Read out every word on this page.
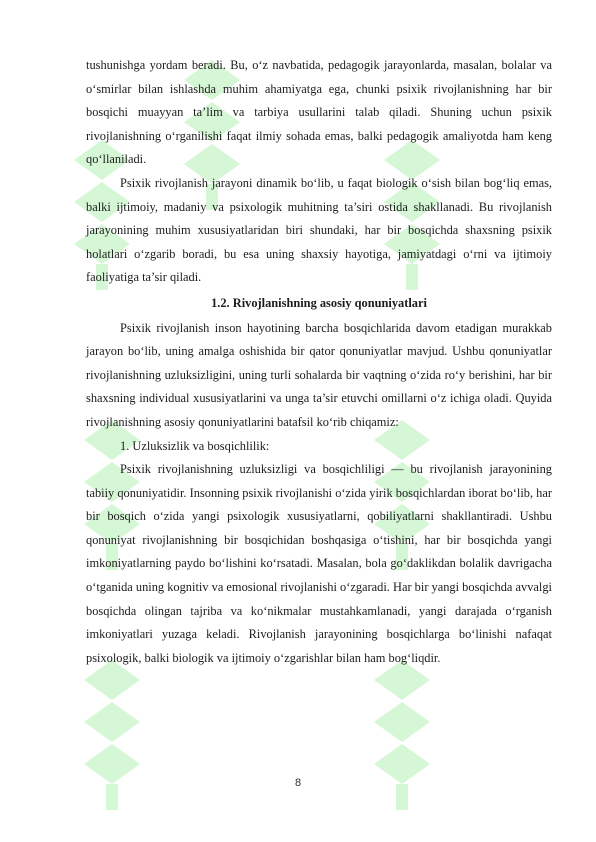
tushunishga yordam beradi. Bu, o‘z navbatida, pedagogik jarayonlarda, masalan, bolalar va o‘smirlar bilan ishlashda muhim ahamiyatga ega, chunki psixik rivojlanishning har bir bosqichi muayyan ta’lim va tarbiya usullarini talab qiladi. Shuning uchun psixik rivojlanishning o‘rganilishi faqat ilmiy sohada emas, balki pedagogik amaliyotda ham keng qo‘llaniladi.

Psixik rivojlanish jarayoni dinamik bo‘lib, u faqat biologik o‘sish bilan bog‘liq emas, balki ijtimoiy, madaniy va psixologik muhitning ta’siri ostida shakllanadi. Bu rivojlanish jarayonining muhim xususiyatlaridan biri shundaki, har bir bosqichda shaxsning psixik holatlari o‘zgarib boradi, bu esa uning shaxsiy hayotiga, jamiyatdagi o‘rni va ijtimoiy faoliyatiga ta’sir qiladi.

1.2. Rivojlanishning asosiy qonuniyatlari

Psixik rivojlanish inson hayotining barcha bosqichlarida davom etadigan murakkab jarayon bo‘lib, uning amalga oshishida bir qator qonuniyatlar mavjud. Ushbu qonuniyatlar rivojlanishning uzluksizligini, uning turli sohalarda bir vaqtning o‘zida ro‘y berishini, har bir shaxsning individual xususiyatlarini va unga ta’sir etuvchi omillarni o‘z ichiga oladi. Quyida rivojlanishning asosiy qonuniyatlarini batafsil ko‘rib chiqamiz:

1. Uzluksizlik va bosqichlilik:

Psixik rivojlanishning uzluksizligi va bosqichliligi — bu rivojlanish jarayonining tabiiy qonuniyatidir. Insonning psixik rivojlanishi o‘zida yirik bosqichlardan iborat bo‘lib, har bir bosqich o‘zida yangi psixologik xususiyatlarni, qobiliyatlarni shakllantiradi. Ushbu qonuniyat rivojlanishning bir bosqichidan boshqasiga o‘tishini, har bir bosqichda yangi imkoniyatlarning paydo bo‘lishini ko‘rsatadi. Masalan, bola go‘daklikdan bolalik davrigacha o‘tganida uning kognitiv va emosional rivojlanishi o‘zgaradi. Har bir yangi bosqichda avvalgi bosqichda olingan tajriba va ko‘nikmalar mustahkamlanadi, yangi darajada o‘rganish imkoniyatlari yuzaga keladi. Rivojlanish jarayonining bosqichlarga bo‘linishi nafaqat psixologik, balki biologik va ijtimoiy o‘zgarishlar bilan ham bog‘liqdir.

8
